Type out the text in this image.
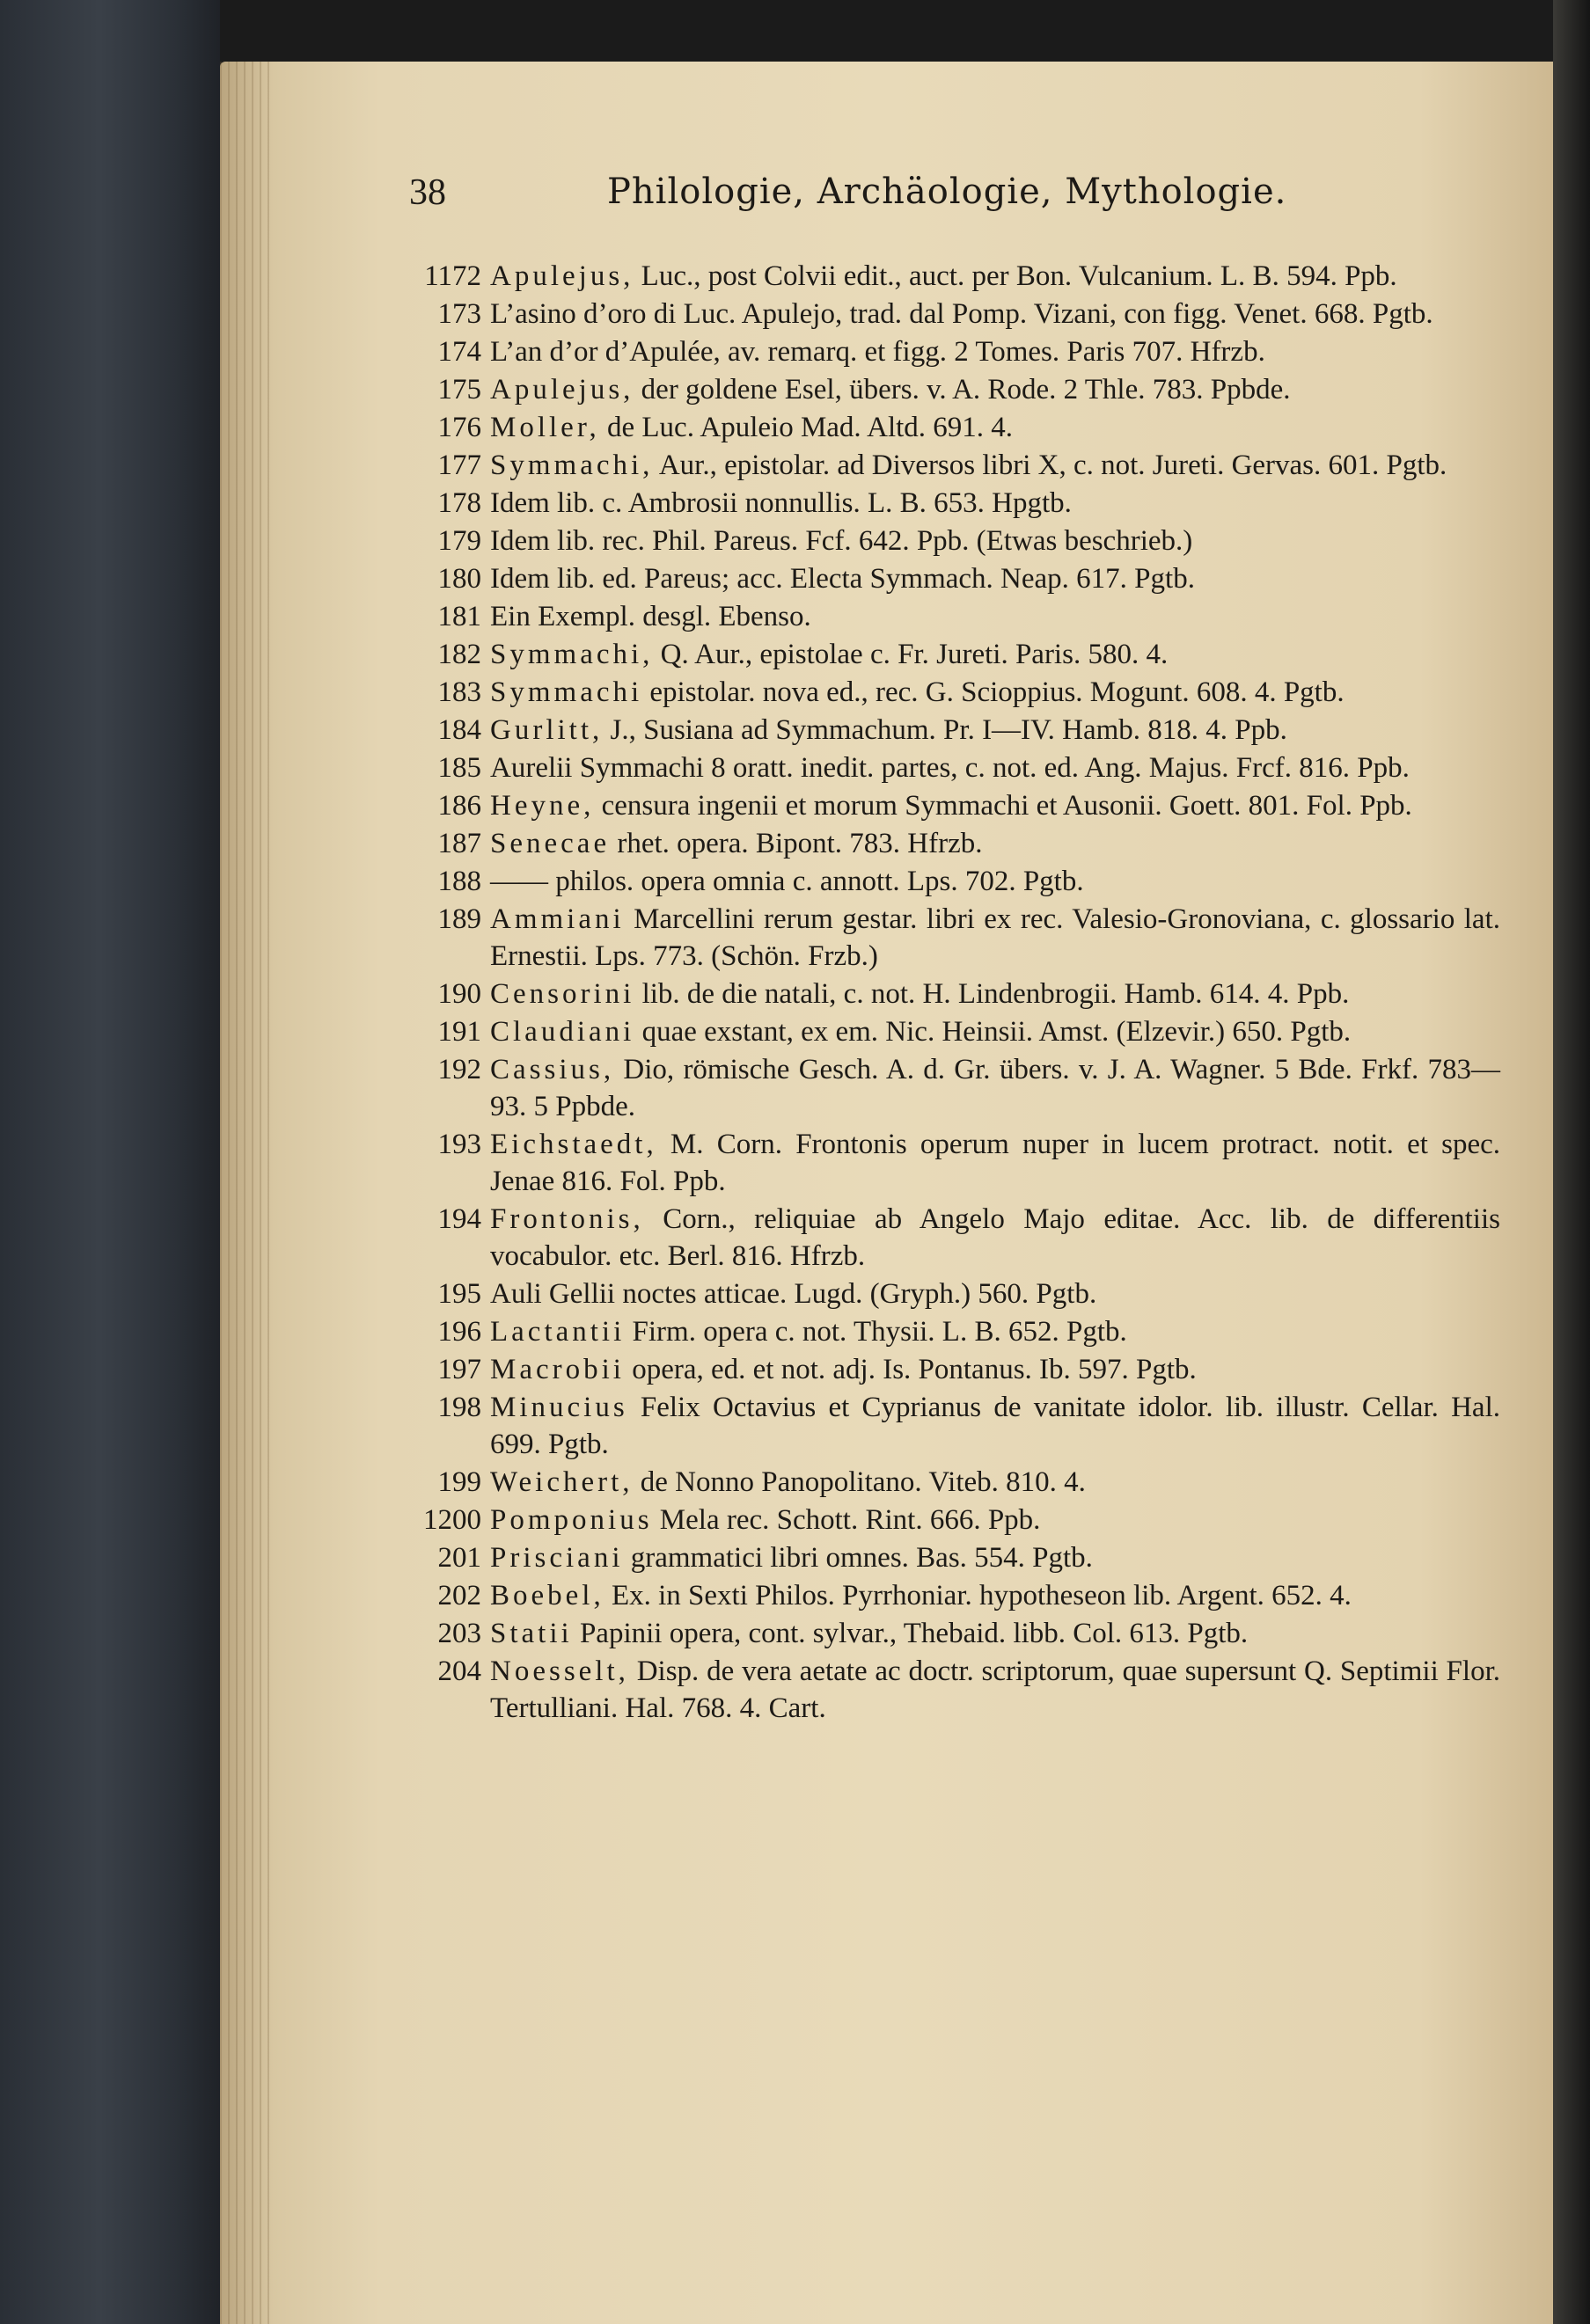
38	Philologie, Archäologie, Mythologie.
1172 Apulejus, Luc., post Colvii edit., auct. per Bon. Vulcanium. L. B. 594. Ppb.
173 L’asino d’oro di Luc. Apulejo, trad. dal Pomp. Vizani, con figg. Venet. 668. Pgtb.
174 L’an d’or d’Apulée, av. remarq. et figg. 2 Tomes. Paris 707. Hfrzb.
175 Apulejus, der goldene Esel, übers. v. A. Rode. 2 Thle. 783. Ppbde.
176 Moller, de Luc. Apuleio Mad. Altd. 691. 4.
177 Symmachi, Aur., epistolar. ad Diversos libri X, c. not. Jureti. Gervas. 601. Pgtb.
178 Idem lib. c. Ambrosii nonnullis. L. B. 653. Hpgtb.
179 Idem lib. rec. Phil. Pareus. Fcf. 642. Ppb. (Etwas beschrieb.)
180 Idem lib. ed. Pareus; acc. Electa Symmach. Neap. 617. Pgtb.
181 Ein Exempl. desgl. Ebenso.
182 Symmachi, Q. Aur., epistolae c. Fr. Jureti. Paris. 580. 4.
183 Symmachi epistolar. nova ed., rec. G. Scioppius. Mogunt. 608. 4. Pgtb.
184 Gurlitt, J., Susiana ad Symmachum. Pr. I—IV. Hamb. 818. 4. Ppb.
185 Aurelii Symmachi 8 oratt. inedit. partes, c. not. ed. Ang. Majus. Frcf. 816. Ppb.
186 Heyne, censura ingenii et morum Symmachi et Ausonii. Goett. 801. Fol. Ppb.
187 Senecae rhet. opera. Bipont. 783. Hfrzb.
188 —— philos. opera omnia c. annott. Lps. 702. Pgtb.
189 Ammiani Marcellini rerum gestar. libri ex rec. Valesio-Gronoviana, c. glossario lat. Ernestii. Lps. 773. (Schön. Frzb.)
190 Censorini lib. de die natali, c. not. H. Lindenbrogii. Hamb. 614. 4. Ppb.
191 Claudiani quae exstant, ex em. Nic. Heinsii. Amst. (Elzevir.) 650. Pgtb.
192 Cassius, Dio, römische Gesch. A. d. Gr. übers. v. J. A. Wagner. 5 Bde. Frkf. 783—93. 5 Ppbde.
193 Eichstaedt, M. Corn. Frontonis operum nuper in lucem protract. notit. et spec. Jenae 816. Fol. Ppb.
194 Frontonis, Corn., reliquiae ab Angelo Majo editae. Acc. lib. de differentiis vocabulor. etc. Berl. 816. Hfrzb.
195 Auli Gellii noctes atticae. Lugd. (Gryph.) 560. Pgtb.
196 Lactantii Firm. opera c. not. Thysii. L. B. 652. Pgtb.
197 Macrobii opera, ed. et not. adj. Is. Pontanus. Ib. 597. Pgtb.
198 Minucius Felix Octavius et Cyprianus de vanitate idolor. lib. illustr. Cellar. Hal. 699. Pgtb.
199 Weichert, de Nonno Panopolitano. Viteb. 810. 4.
1200 Pomponius Mela rec. Schott. Rint. 666. Ppb.
201 Prisciani grammatici libri omnes. Bas. 554. Pgtb.
202 Boebel, Ex. in Sexti Philos. Pyrrhoniar. hypotheseon lib. Argent. 652. 4.
203 Statii Papinii opera, cont. sylvar., Thebaid. libb. Col. 613. Pgtb.
204 Noesselt, Disp. de vera aetate ac doctr. scriptorum, quae supersunt Q. Septimii Flor. Tertulliani. Hal. 768. 4. Cart.
